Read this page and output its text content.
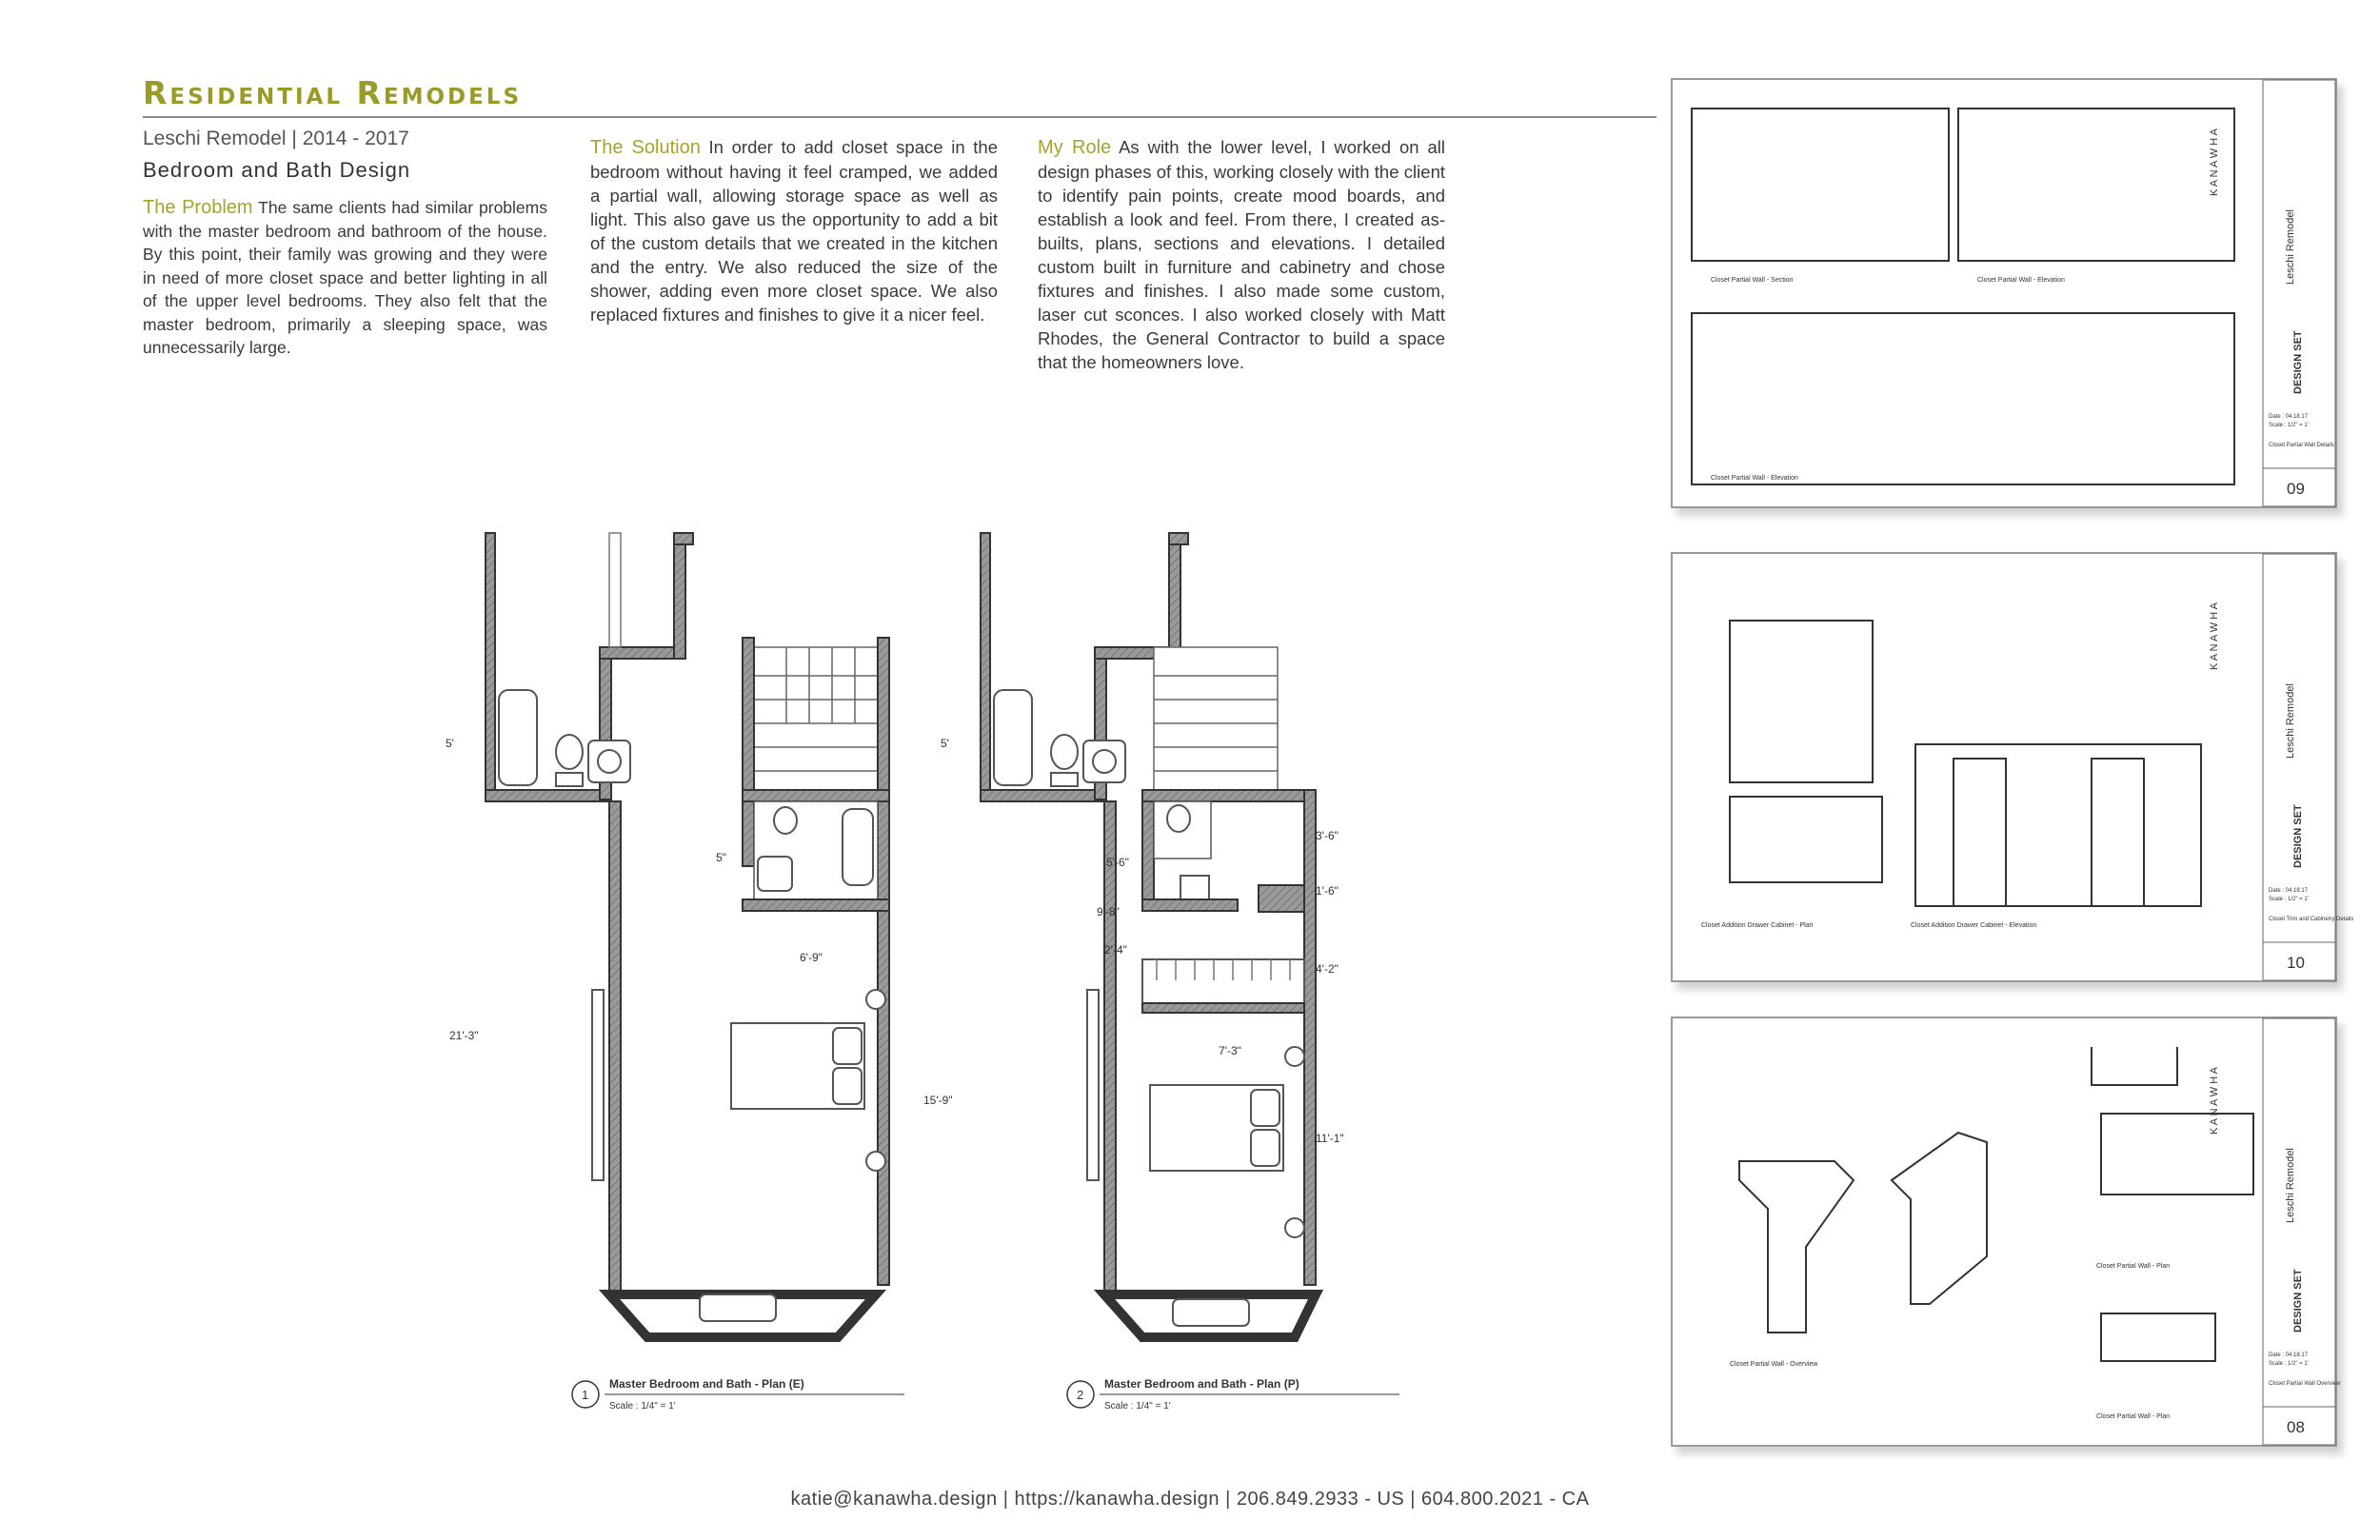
Residential Remodels
Leschi Remodel | 2014 - 2017
Bedroom and Bath Design
The Problem The same clients had similar problems with the master bedroom and bathroom of the house. By this point, their family was growing and they were in need of more closet space and better lighting in all of the upper level bedrooms. They also felt that the master bedroom, primarily a sleeping space, was unnecessarily large.
The Solution In order to add closet space in the bedroom without having it feel cramped, we added a partial wall, allowing storage space as well as light. This also gave us the opportunity to add a bit of the custom details that we created in the kitchen and the entry. We also reduced the size of the shower, adding even more closet space. We also replaced fixtures and finishes to give it a nicer feel.
My Role As with the lower level, I worked on all design phases of this, working closely with the client to identify pain points, create mood boards, and establish a look and feel. From there, I created as-builts, plans, sections and elevations. I detailed custom built in furniture and cabinetry and chose fixtures and finishes. I also made some custom, laser cut sconces. I also worked closely with Matt Rhodes, the General Contractor to build a space that the homeowners love.
5'
5"
6'-9"
21'-3"
15'-9"
5'
5'-6"
3'-6"
1'-6"
9'-8"
2'-4"
4'-2"
7'-3"
11'-1"
1
Master Bedroom and Bath - Plan (E)
Scale : 1/4" = 1'
2
Master Bedroom and Bath - Plan (P)
Scale : 1/4" = 1'
K A N A W H A
Leschi Remodel
DESIGN SET
Date : 04.18.17
Scale : 1/2" = 1'
Closet Partial Wall Details
09
Closet Partial Wall - Section	Closet Partial Wall - Elevation
Closet Partial Wall - Elevation
K A N A W H A
Leschi Remodel
DESIGN SET
Date : 04.18.17
Scale : 1/2" = 1'
Closet Trim and Cabinetry Details
10
Closet Addition Drawer Cabinet - Plan	Closet Addition Drawer Cabinet - Elevation
K A N A W H A
Leschi Remodel
DESIGN SET
Date : 04.18.17
Scale : 1/2" = 1'
Closet Partial Wall Overview
08
Closet Partial Wall - Overview
Closet Partial Wall - Plan
Closet Partial Wall - Plan
katie@kanawha.design | https://kanawha.design | 206.849.2933 - US | 604.800.2021 - CA
